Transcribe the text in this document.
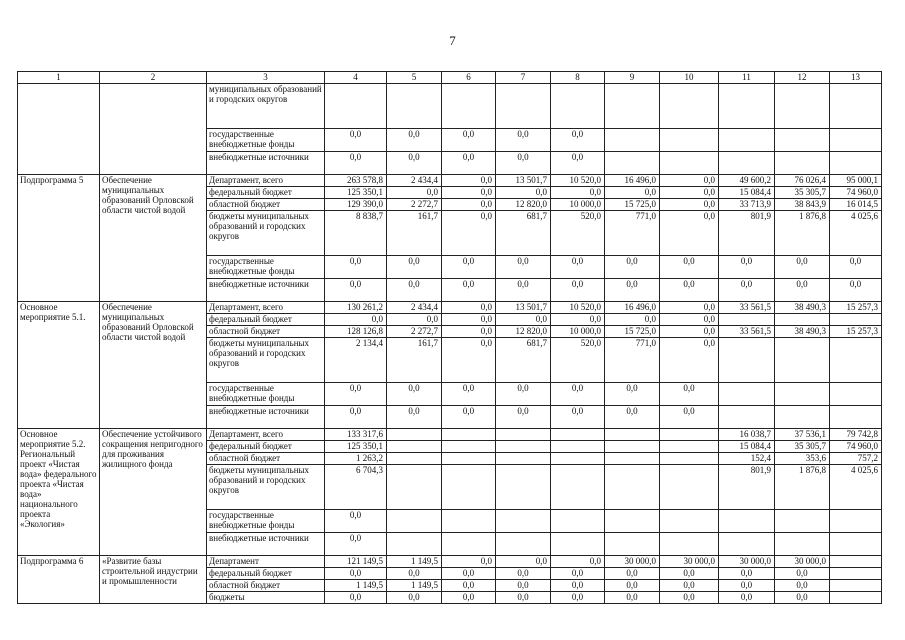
7
1	2	3	4	5	6	7	8	9	10	11	12	13
		муниципальных образований и городских округов										
		государственные внебюджетные фонды	0,0	0,0	0,0	0,0	0,0					
		внебюджетные источники	0,0	0,0	0,0	0,0	0,0					
Подпрограмма 5	Обеспечение муниципальных образований Орловской области чистой водой	Департамент, всего	263 578,8	2 434,4	0,0	13 501,7	10 520,0	16 496,0	0,0	49 600,2	76 026,4	95 000,1
		федеральный бюджет	125 350,1	0,0	0,0	0,0	0,0	0,0	0,0	15 084,4	35 305,7	74 960,0
		областной бюджет	129 390,0	2 272,7	0,0	12 820,0	10 000,0	15 725,0	0,0	33 713,9	38 843,9	16 014,5
		бюджеты муниципальных образований и городских округов	8 838,7	161,7	0,0	681,7	520,0	771,0	0,0	801,9	1 876,8	4 025,6
		государственные внебюджетные фонды	0,0	0,0	0,0	0,0	0,0	0,0	0,0	0,0	0,0	0,0
		внебюджетные источники	0,0	0,0	0,0	0,0	0,0	0,0	0,0	0,0	0,0	0,0
Основное мероприятие 5.1.	Обеспечение муниципальных образований Орловской области чистой водой	Департамент, всего	130 261,2	2 434,4	0,0	13 501,7	10 520,0	16 496,0	0,0	33 561,5	38 490,3	15 257,3
		федеральный бюджет	0,0	0,0	0,0	0,0	0,0	0,0	0,0			
		областной бюджет	128 126,8	2 272,7	0,0	12 820,0	10 000,0	15 725,0	0,0	33 561,5	38 490,3	15 257,3
		бюджеты муниципальных образований и городских округов	2 134,4	161,7	0,0	681,7	520,0	771,0	0,0			
		государственные внебюджетные фонды	0,0	0,0	0,0	0,0	0,0	0,0	0,0			
		внебюджетные источники	0,0	0,0	0,0	0,0	0,0	0,0	0,0			
Основное мероприятие 5.2. Региональный проект «Чистая вода» федерального проекта «Чистая вода» национального проекта «Экология»	Обеспечение устойчивого сокращения непригодного для проживания жилищного фонда	Департамент, всего	133 317,6							16 038,7	37 536,1	79 742,8
		федеральный бюджет	125 350,1							15 084,4	35 305,7	74 960,0
		областной бюджет	1 263,2							152,4	353,6	757,2
		бюджеты муниципальных образований и городских округов	6 704,3							801,9	1 876,8	4 025,6
		государственные внебюджетные фонды	0,0									
		внебюджетные источники	0,0									
Подпрограмма 6	«Развитие базы строительной индустрии и промышленности	Департамент	121 149,5	1 149,5	0,0	0,0	0,0	30 000,0	30 000,0	30 000,0	30 000,0	
		федеральный бюджет	0,0	0,0	0,0	0,0	0,0	0,0	0,0	0,0	0,0	
		областной бюджет	1 149,5	1 149,5	0,0	0,0	0,0	0,0	0,0	0,0	0,0	
		бюджеты	0,0	0,0	0,0	0,0	0,0	0,0	0,0	0,0	0,0	
